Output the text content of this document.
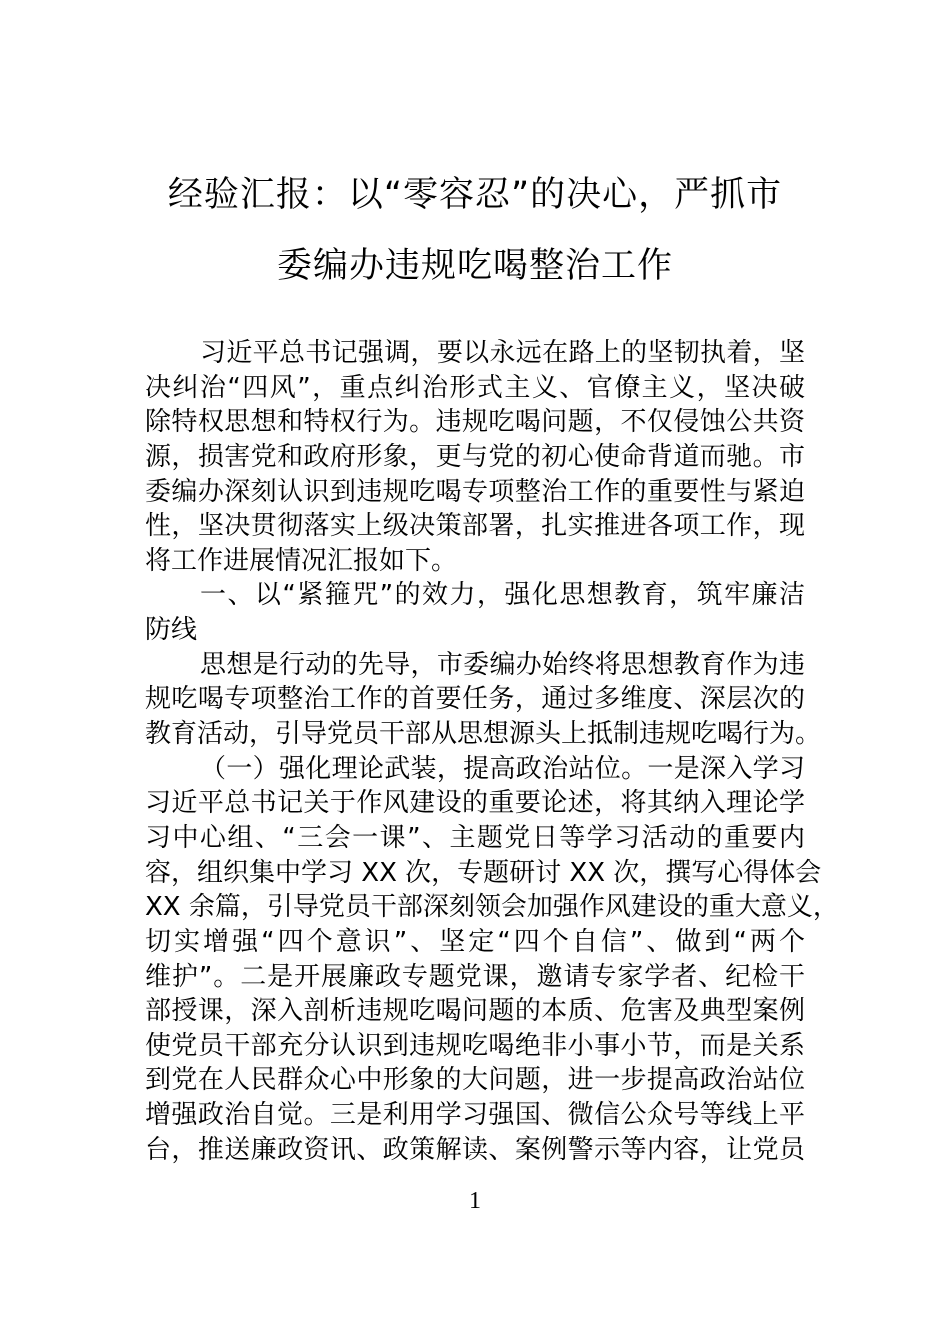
经验汇报：以“零容忍”的决心，严抓市
委编办违规吃喝整治工作
习近平总书记强调，要以永远在路上的坚韧执着，坚
决纠治“四风”，重点纠治形式主义、官僚主义，坚决破
除特权思想和特权行为。违规吃喝问题，不仅侵蚀公共资
源，损害党和政府形象，更与党的初心使命背道而驰。市
委编办深刻认识到违规吃喝专项整治工作的重要性与紧迫
性，坚决贯彻落实上级决策部署，扎实推进各项工作，现
将工作进展情况汇报如下。
一、以“紧箍咒”的效力，强化思想教育，筑牢廉洁
防线
思想是行动的先导，市委编办始终将思想教育作为违
规吃喝专项整治工作的首要任务，通过多维度、深层次的
教育活动，引导党员干部从思想源头上抵制违规吃喝行为。
（一）强化理论武装，提高政治站位。一是深入学习
习近平总书记关于作风建设的重要论述，将其纳入理论学
习中心组、“三会一课”、主题党日等学习活动的重要内
容，组织集中学习 XX 次，专题研讨 XX 次，撰写心得体会
XX 余篇，引导党员干部深刻领会加强作风建设的重大意义，
切实增强“四个意识”、坚定“四个自信”、做到“两个
维护”。二是开展廉政专题党课，邀请专家学者、纪检干
部授课，深入剖析违规吃喝问题的本质、危害及典型案例
使党员干部充分认识到违规吃喝绝非小事小节，而是关系
到党在人民群众心中形象的大问题，进一步提高政治站位
增强政治自觉。三是利用学习强国、微信公众号等线上平
台，推送廉政资讯、政策解读、案例警示等内容，让党员
1
